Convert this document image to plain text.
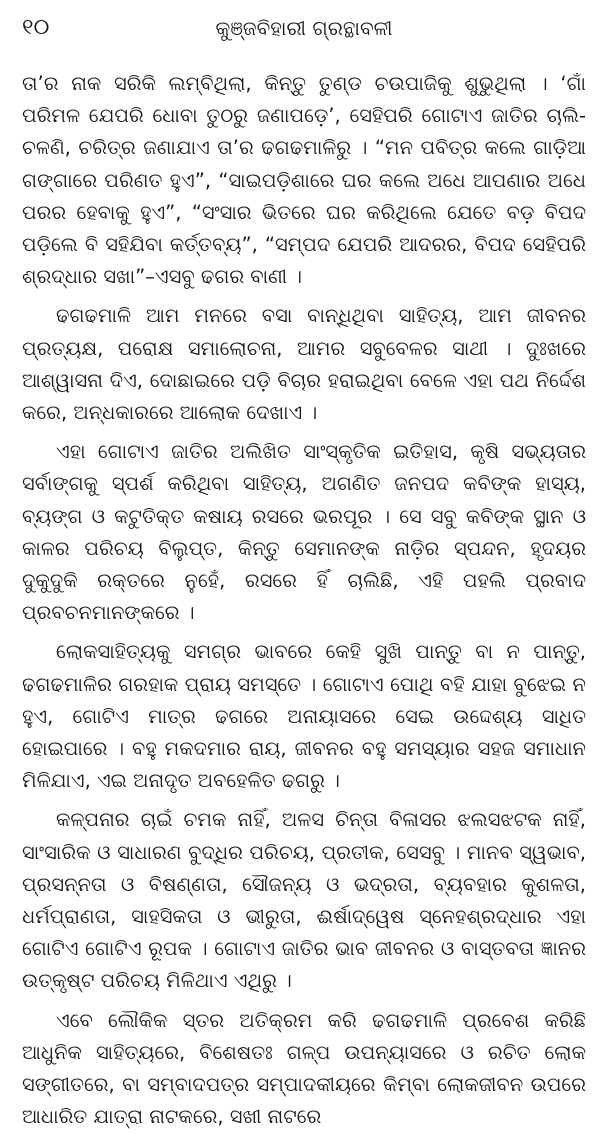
୧୦	କୁଞ୍ଜବିହାରୀ ଗ୍ରନ୍ଥାବଳୀ

ତା’ର ନାକ ସରିକି ଲମ୍ବିଥିଲା, କିନ୍ତୁ ତୁଣ୍ଡ ଚଉପାଜିକୁ ଶୁଭୁଥିଲା । ‘ଗାଁ ପରିମଳ ଯେପରି ଧୋବା ତୁଠରୁ ଜଣାପଡ଼େ’, ସେହିପରି ଗୋଟାଏ ଜାତିର ଚାଲି-ଚଳଣି, ଚରିତ୍ର ଜଣାଯାଏ ତା’ର ଢଗଢମାଳିରୁ । “ମନ ପବିତ୍ର କଲେ ଗାଡ଼ିଆ ଗଙ୍ଗାରେ ପରିଣତ ହୁଏ”, “ସାଇପଡ଼ିଶାରେ ଘର କଲେ ଅଧେ ଆପଣାର ଅଧେ ପରର ହେବାକୁ ହୁଏ”, “ସଂସାର ଭିତରେ ଘର କରିଥିଲେ ଯେତେ ବଡ଼ ବିପଦ ପଡ଼ିଲେ ବି ସହିଯିବା କର୍ତ୍ତବ୍ୟ”, “ସମ୍ପଦ ଯେପରି ଆଦରର, ବିପଦ ସେହିପରି ଶ୍ରଦ୍ଧାର ସଖା”–ଏସବୁ ଢଗର ବାଣୀ ।

ଢଗଢମାଳି ଆମ ମନରେ ବସା ବାନ୍ଧିଥିବା ସାହିତ୍ୟ, ଆମ ଜୀବନର ପ୍ରତ୍ୟକ୍ଷ, ପରୋକ୍ଷ ସମାଲୋଚନା, ଆମର ସବୁବେଳର ସାଥୀ । ଦୁଃଖରେ ଆଶ୍ୱାସନା ଦିଏ, ଦୋଛାଇରେ ପଡ଼ି ବିଚାର ହରାଇଥିବା ବେଳେ ଏହା ପଥ ନିର୍ଦ୍ଦେଶ କରେ, ଅନ୍ଧକାରରେ ଆଲୋକ ଦେଖାଏ ।

ଏହା ଗୋଟାଏ ଜାତିର ଅଲିଖିତ ସାଂସ୍କୃତିକ ଇତିହାସ, କୃଷି ସଭ୍ୟତାର ସର୍ବାଙ୍ଗକୁ ସ୍ପର୍ଶ କରିଥିବା ସାହିତ୍ୟ, ଅଗଣିତ ଜନପଦ କବିଙ୍କ ହାସ୍ୟ, ବ୍ୟଙ୍ଗ ଓ କଟୁତିକ୍ତ କଷାୟ ରସରେ ଭରପୂର । ସେ ସବୁ କବିଙ୍କ ସ୍ଥାନ ଓ କାଳର ପରିଚୟ ବିଲୁପ୍ତ, କିନ୍ତୁ ସେମାନଙ୍କ ନାଡ଼ିର ସ୍ପନ୍ଦନ, ହୃଦୟର ଦୁକୁଦୁକି ରକ୍ତରେ ନୁହେଁ, ରସରେ ହିଁ ଚାଲିଛି, ଏହି ପହଲି ପ୍ରବାଦ ପ୍ରବଚନମାନଙ୍କରେ ।

ଲୋକସାହିତ୍ୟକୁ ସମଗ୍ର ଭାବରେ କେହି ସୁଖି ପାନ୍ତୁ ବା ନ ପାନ୍ତୁ, ଢଗଢମାଳିର ଗରହାକ ପ୍ରାୟ ସମସ୍ତେ । ଗୋଟାଏ ପୋଥି ବହି ଯାହା ବୁଝେଇ ନ ହୁଏ, ଗୋଟିଏ ମାତ୍ର ଢଗରେ ଅନାୟାସରେ ସେଇ ଉଦ୍ଦେଶ୍ୟ ସାଧିତ ହୋଇପାରେ । ବହୁ ମକଦମାର ରାୟ, ଜୀବନର ବହୁ ସମସ୍ୟାର ସହଜ ସମାଧାନ ମିଳିଯାଏ, ଏଇ ଅନାଦୃତ ଅବହେଳିତ ଢଗରୁ ।

କଳ୍ପନାର ଚାଇଁ ଚମକ ନାହିଁ, ଅଳସ ଚିନ୍ତା ବିଳାସର ଝଲସଝଟକ ନାହିଁ, ସାଂସାରିକ ଓ ସାଧାରଣ ବୁଦ୍ଧିର ପରିଚୟ, ପ୍ରତୀକ, ସେସବୁ । ମାନବ ସ୍ୱଭାବ, ପ୍ରସନ୍ନତା ଓ ବିଷଣ୍ଣତା, ସୌଜନ୍ୟ ଓ ଭଦ୍ରତା, ବ୍ୟବହାର କୁଶଳତା, ଧର୍ମପ୍ରାଣତା, ସାହସିକତା ଓ ଭୀରୁତା, ଈର୍ଷାଦ୍ୱେଷ ସ୍ନେହଶ୍ରଦ୍ଧାର ଏହା ଗୋଟିଏ ଗୋଟିଏ ରୂପକ । ଗୋଟାଏ ଜାତିର ଭାବ ଜୀବନର ଓ ବାସ୍ତବତା ଜ୍ଞାନର ଉତ୍କୃଷ୍ଟ ପରିଚୟ ମିଳିଥାଏ ଏଥିରୁ ।

ଏବେ ଲୌକିକ ସ୍ତର ଅତିକ୍ରମ କରି ଢଗଢମାଳି ପ୍ରବେଶ କରିଛି ଆଧୁନିକ ସାହିତ୍ୟରେ, ବିଶେଷତଃ ଗଳ୍ପ ଉପନ୍ୟାସରେ ଓ ରଚିତ ଲୋକ ସଙ୍ଗୀତରେ, ବା ସମ୍ବାଦପତ୍ର ସମ୍ପାଦକୀୟରେ କିମ୍ବା ଲୋକଜୀବନ ଉପରେ ଆଧାରିତ ଯାତ୍ରା ନାଟକରେ, ସଖୀ ନାଟରେ
